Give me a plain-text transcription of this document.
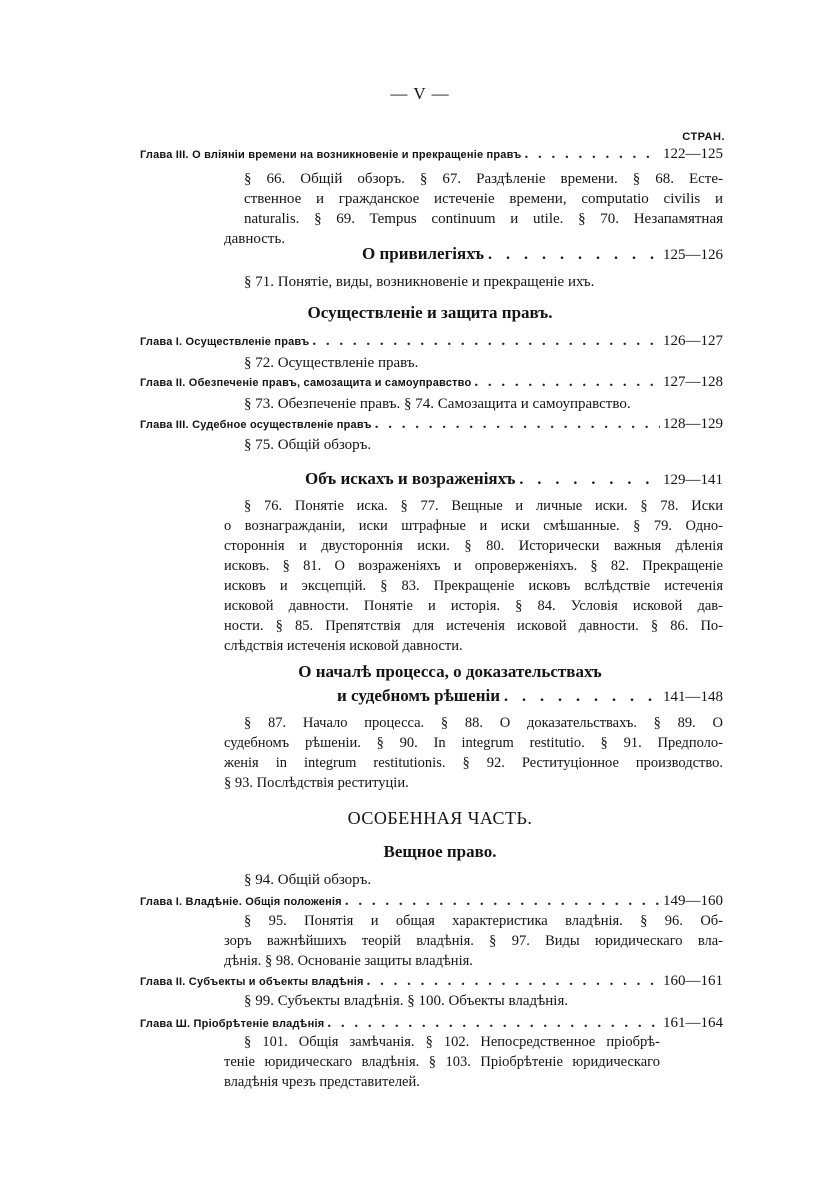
— V —
СТРАН.
Глава III. О вліяніи времени на возникновеніе и прекращеніе правъ . . .	122—125
§ 66. Общій обзоръ. § 67. Раздѣленіе времени. § 68. Есте-
ственное и гражданское истеченіе времени, computatio civilis и
naturalis. § 69. Tempus continuum и utile. § 70. Незапамятная
давность.
О привилегіяхъ . . .	125—126
§ 71. Понятіе, виды, возникновеніе и прекращеніе ихъ.
Осуществленіе и защита правъ.
Глава I. Осуществленіе правъ . . .	126—127
§ 72. Осуществленіе правъ.
Глава II. Обезпеченіе правъ, самозащита и самоуправство . . .	127—128
§ 73. Обезпеченіе правъ. § 74. Самозащита и самоуправство.
Глава III. Судебное осуществленіе правъ . . .	128—129
§ 75. Общій обзоръ.
Объ искахъ и возраженіяхъ . . .	129—141
§ 76. Понятіе иска. § 77. Вещные и личные иски. § 78. Иски
о вознагражданіи, иски штрафные и иски смѣшанные. § 79. Одно-
стороннія и двустороннія иски. § 80. Исторически важныя дѣленія
исковъ. § 81. О возраженіяхъ и опроверженіяхъ. § 82. Прекращеніе
исковъ и эксцепцій. § 83. Прекращеніе исковъ вслѣдствіе истеченія
исковой давности. Понятіе и исторія. § 84. Условія исковой дав-
ности. § 85. Препятствія для истеченія исковой давности. § 86. По-
слѣдствія истеченія исковой давности.
О началѣ процесса, о доказательствахъ
и судебномъ рѣшеніи . . .	141—148
§ 87. Начало процесса. § 88. О доказательствахъ. § 89. О
судебномъ рѣшеніи. § 90. In integrum restitutio. § 91. Предполо-
женія in integrum restitutionis. § 92. Реституціонное производство.
§ 93. Послѣдствія реституціи.
ОСОБЕННАЯ ЧАСТЬ.
Вещное право.
§ 94. Общій обзоръ.
Глава I. Владѣніе. Общія положенія . . .	149—160
§ 95. Понятія и общая характеристика владѣнія. § 96. Об-
зоръ важнѣйшихъ теорій владѣнія. § 97. Виды юридическаго вла-
дѣнія. § 98. Основаніе защиты владѣнія.
Глава II. Субъекты и объекты владѣнія . . .	160—161
§ 99. Субъекты владѣнія. § 100. Объекты владѣнія.
Глава Ш. Пріобрѣтеніе владѣнія . . .	161—164
§ 101. Общія замѣчанія. § 102. Непосредственное пріобрѣ-
теніе юридическаго владѣнія. § 103. Пріобрѣтеніе юридическаго
владѣнія чрезъ представителей.
